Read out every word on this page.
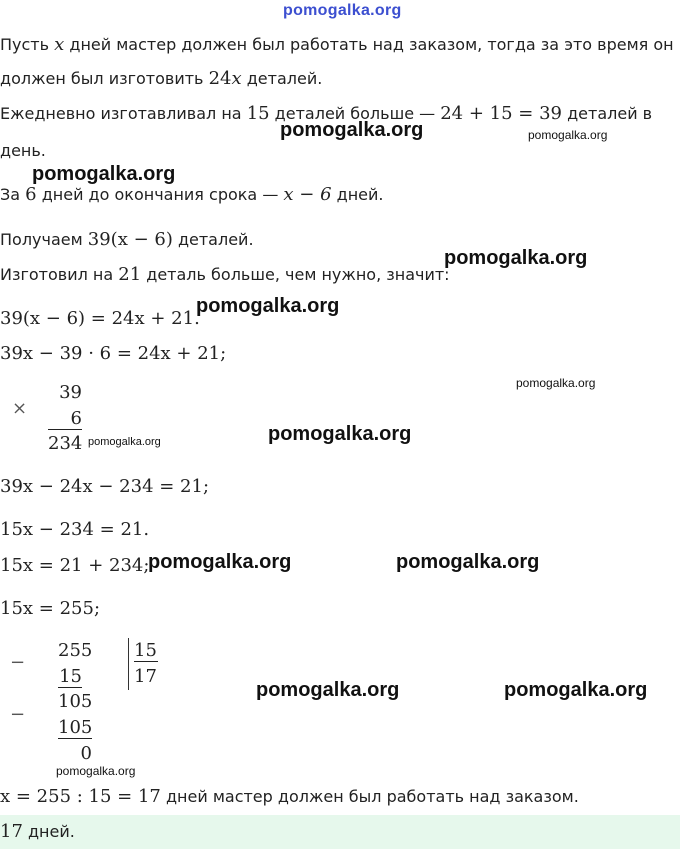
pomogalka.org
Пусть x дней мастер должен был работать над заказом, тогда за это время он
должен был изготовить 24x деталей.
Ежедневно изготавливал на 15 деталей больше — 24 + 15 = 39 деталей в
день.
За 6 дней до окончания срока — x − 6 дней.
Получаем 39(x − 6) деталей.
Изготовил на 21 деталь больше, чем нужно, значит:
39(x − 6) = 24x + 21.
39x − 39 · 6 = 24x + 21;
×
39
6
234
39x − 24x − 234 = 21;
15x − 234 = 21.
15x = 21 + 234;
15x = 255;
−
255
15
105
−
105
0
15
17
x = 255 : 15 = 17 дней мастер должен был работать над заказом.
17 дней.
pomogalka.org	pomogalka.org
pomogalka.org
pomogalka.org
pomogalka.org
pomogalka.org
pomogalka.org
pomogalka.org
pomogalka.org	pomogalka.org
pomogalka.org	pomogalka.org
pomogalka.org
